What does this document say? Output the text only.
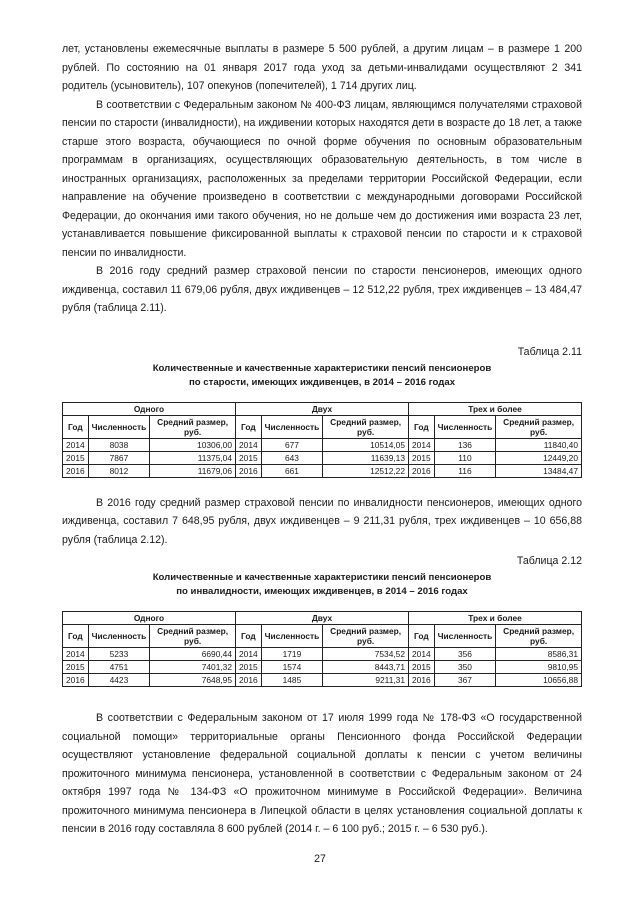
лет, установлены ежемесячные выплаты в размере 5 500 рублей, а другим лицам – в размере 1 200 рублей. По состоянию на 01 января 2017 года уход за детьми-инвалидами осуществляют 2 341 родитель (усыновитель), 107 опекунов (попечителей), 1 714 других лиц.

В соответствии с Федеральным законом № 400-ФЗ лицам, являющимся получателями страховой пенсии по старости (инвалидности), на иждивении которых находятся дети в возрасте до 18 лет, а также старше этого возраста, обучающиеся по очной форме обучения по основным образовательным программам в организациях, осуществляющих образовательную деятельность, в том числе в иностранных организациях, расположенных за пределами территории Российской Федерации, если направление на обучение произведено в соответствии с международными договорами Российской Федерации, до окончания ими такого обучения, но не дольше чем до достижения ими возраста 23 лет, устанавливается повышение фиксированной выплаты к страховой пенсии по старости и к страховой пенсии по инвалидности.

В 2016 году средний размер страховой пенсии по старости пенсионеров, имеющих одного иждивенца, составил 11 679,06 рубля, двух иждивенцев – 12 512,22 рубля, трех иждивенцев – 13 484,47 рубля (таблица 2.11).

Таблица 2.11
Количественные и качественные характеристики пенсий пенсионеров
по старости, имеющих иждивенцев, в 2014 – 2016 годах
Одного			Двух			Трех и более		
Год	Численность	Средний размер, руб.	Год	Численность	Средний размер, руб.	Год	Численность	Средний размер, руб.
2014	8038	10306,00	2014	677	10514,05	2014	136	11840,40
2015	7867	11375,04	2015	643	11639,13	2015	110	12449,20
2016	8012	11679,06	2016	661	12512,22	2016	116	13484,47

В 2016 году средний размер страховой пенсии по инвалидности пенсионеров, имеющих одного иждивенца, составил 7 648,95 рубля, двух иждивенцев – 9 211,31 рубля, трех иждивенцев – 10 656,88 рубля (таблица 2.12).

Таблица 2.12
Количественные и качественные характеристики пенсий пенсионеров
по инвалидности, имеющих иждивенцев, в 2014 – 2016 годах
Одного			Двух			Трех и более		
Год	Численность	Средний размер, руб.	Год	Численность	Средний размер, руб.	Год	Численность	Средний размер, руб.
2014	5233	6690,44	2014	1719	7534,52	2014	356	8586,31
2015	4751	7401,32	2015	1574	8443,71	2015	350	9810,95
2016	4423	7648,95	2016	1485	9211,31	2016	367	10656,88

В соответствии с Федеральным законом от 17 июля 1999 года № 178-ФЗ «О государственной социальной помощи» территориальные органы Пенсионного фонда Российской Федерации осуществляют установление федеральной социальной доплаты к пенсии с учетом величины прожиточного минимума пенсионера, установленной в соответствии с Федеральным законом от 24 октября 1997 года № 134-ФЗ «О прожиточном минимуме в Российской Федерации». Величина прожиточного минимума пенсионера в Липецкой области в целях установления социальной доплаты к пенсии в 2016 году составляла 8 600 рублей (2014 г. – 6 100 руб.; 2015 г. – 6 530 руб.).

27
